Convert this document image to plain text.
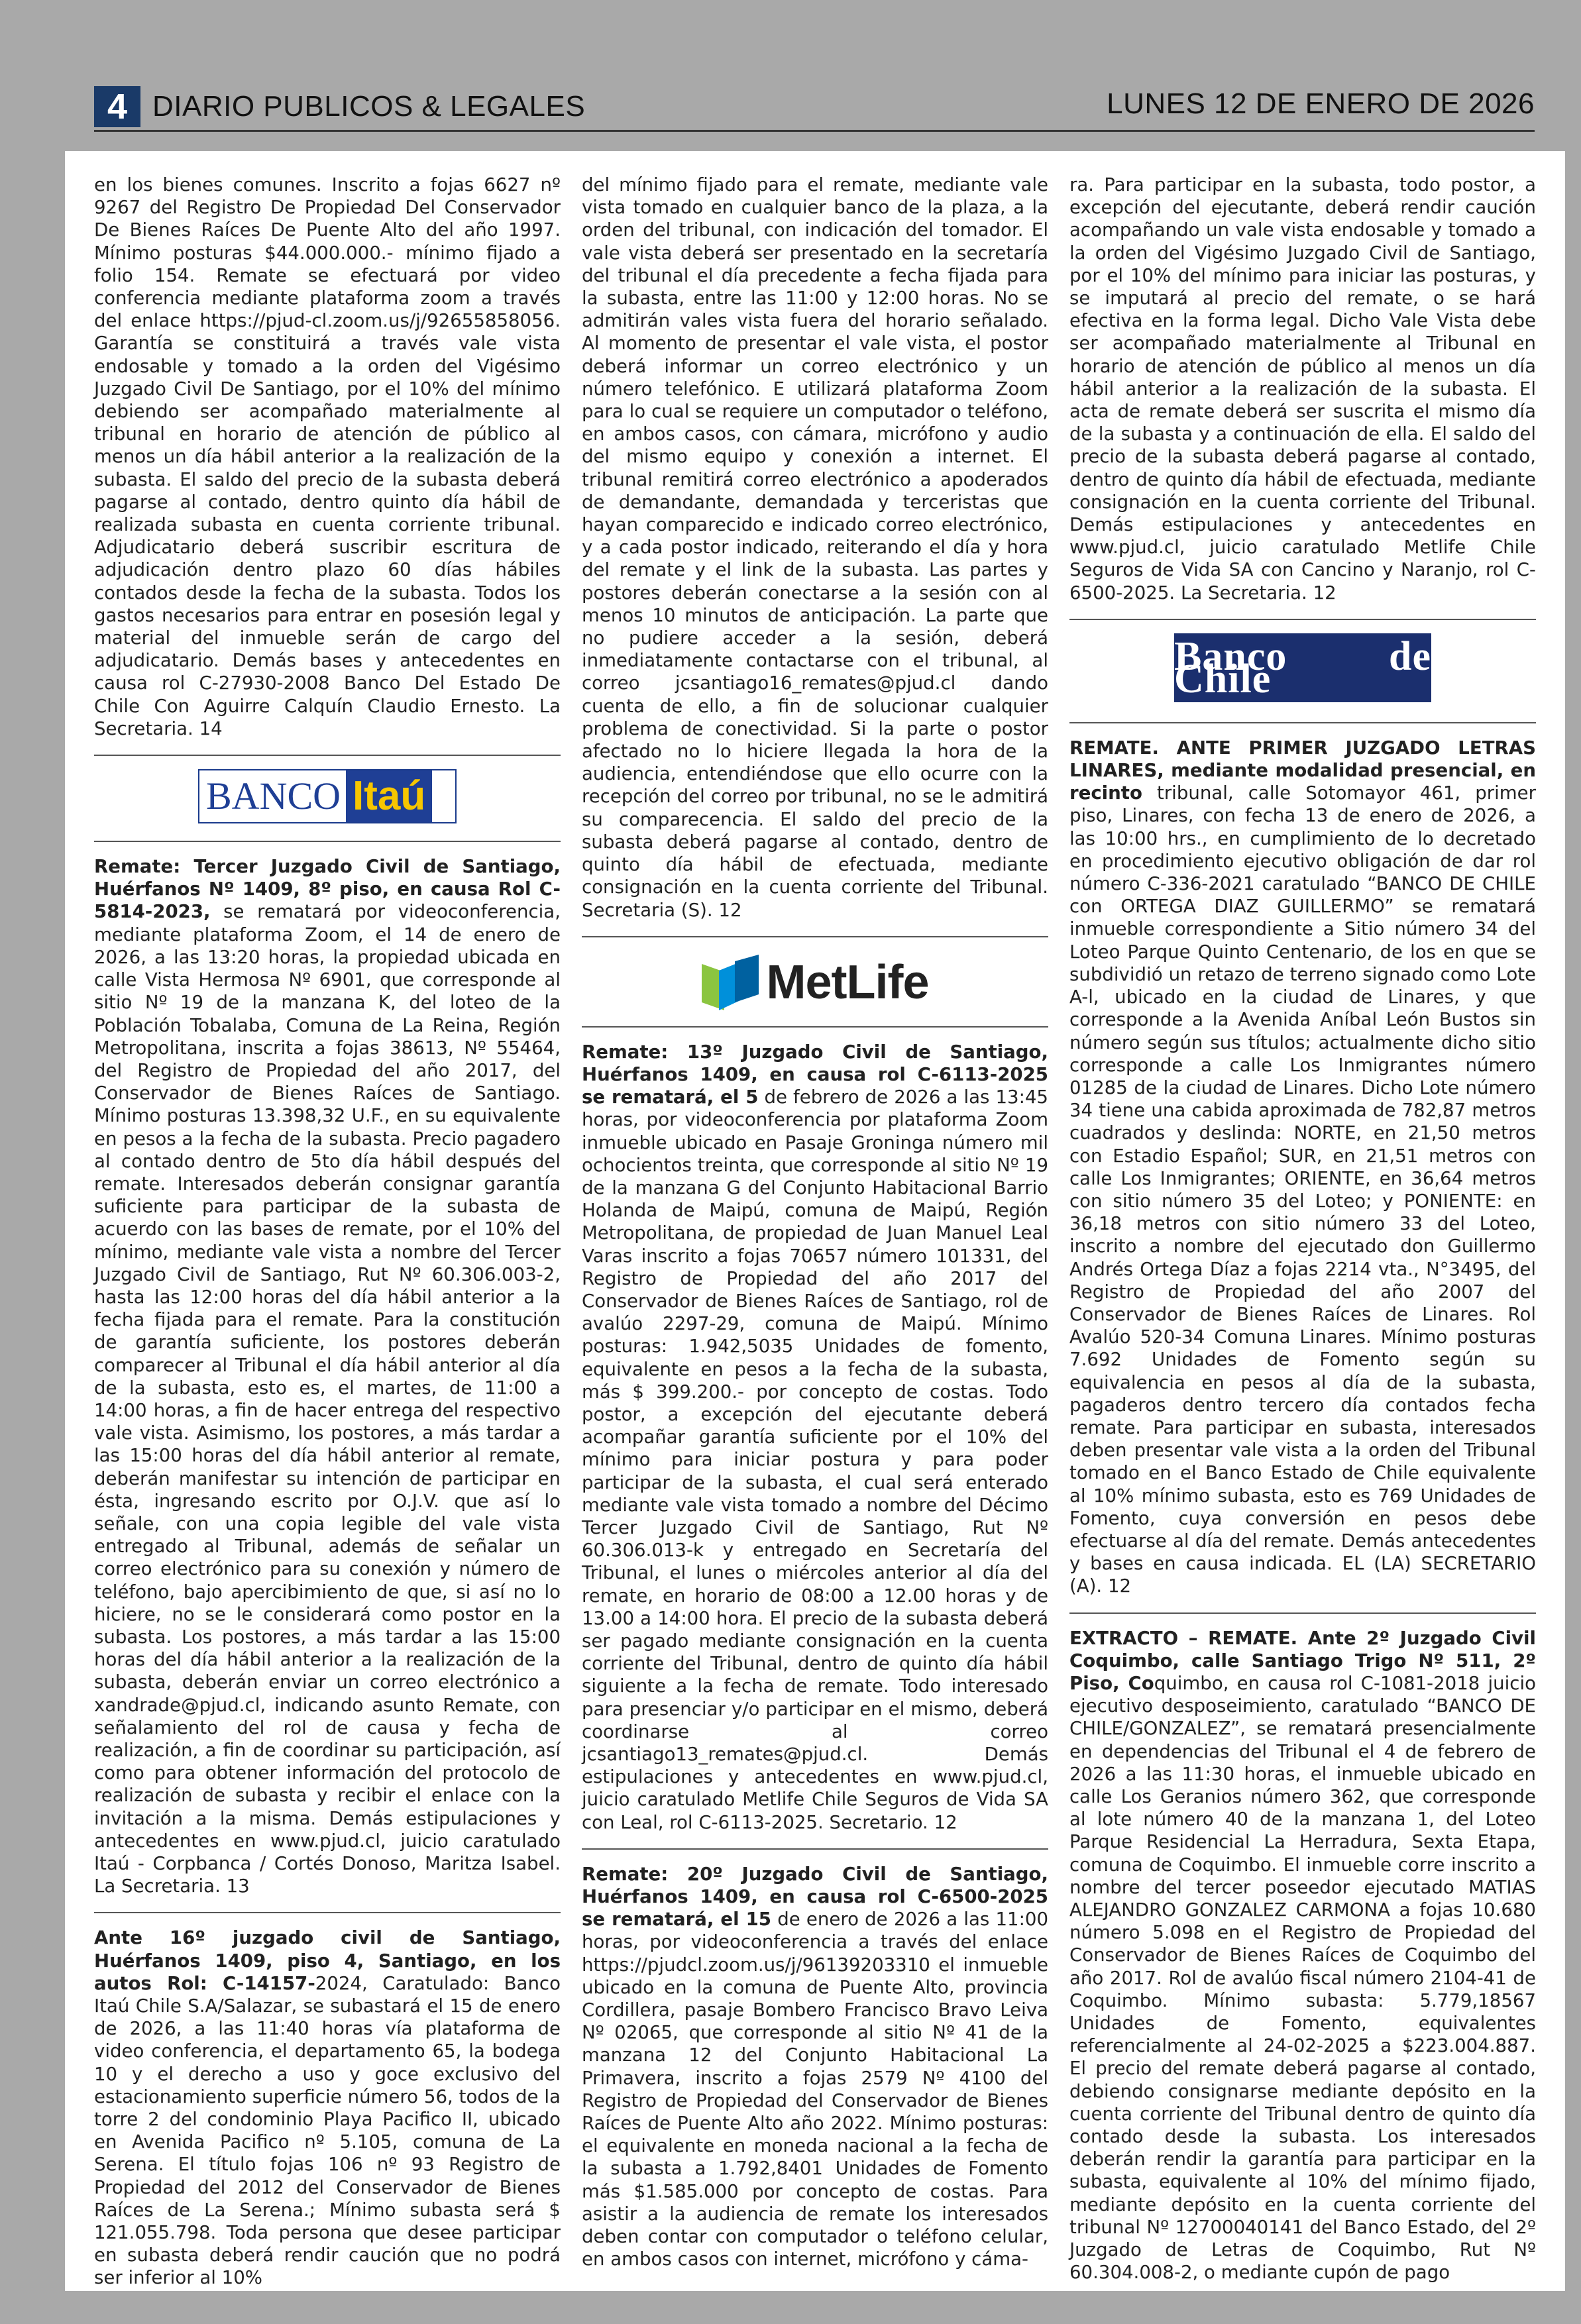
4 DIARIO PUBLICOS & LEGALES	LUNES 12 DE ENERO DE 2026

en los bienes comunes. Inscrito a fojas 6627 nº 9267 del Registro De Propiedad Del Conservador De Bienes Raíces De Puente Alto del año 1997. Mínimo posturas $44.000.000.- mínimo fijado a folio 154. Remate se efectuará por video conferencia mediante plataforma zoom a través del enlace https://pjud-cl.zoom.us/j/92655858056. Garantía se constituirá a través vale vista endosable y tomado a la orden del Vigésimo Juzgado Civil De Santiago, por el 10% del mínimo debiendo ser acompañado materialmente al tribunal en horario de atención de público al menos un día hábil anterior a la realización de la subasta. El saldo del precio de la subasta deberá pagarse al contado, dentro quinto día hábil de realizada subasta en cuenta corriente tribunal. Adjudicatario deberá suscribir escritura de adjudicación dentro plazo 60 días hábiles contados desde la fecha de la subasta. Todos los gastos necesarios para entrar en posesión legal y material del inmueble serán de cargo del adjudicatario. Demás bases y antecedentes en causa rol C-27930-2008 Banco Del Estado De Chile Con Aguirre Calquín Claudio Ernesto. La Secretaria. 14

BANCO Itaú

Remate: Tercer Juzgado Civil de Santiago, Huérfanos Nº 1409, 8º piso, en causa Rol C-5814-2023, se rematará por videoconferencia, mediante plataforma Zoom, el 14 de enero de 2026, a las 13:20 horas, la propiedad ubicada en calle Vista Hermosa Nº 6901, que corresponde al sitio Nº 19 de la manzana K, del loteo de la Población Tobalaba, Comuna de La Reina, Región Metropolitana, inscrita a fojas 38613, Nº 55464, del Registro de Propiedad del año 2017, del Conservador de Bienes Raíces de Santiago. Mínimo posturas 13.398,32 U.F., en su equivalente en pesos a la fecha de la subasta. Precio pagadero al contado dentro de 5to día hábil después del remate. Interesados deberán consignar garantía suficiente para participar de la subasta de acuerdo con las bases de remate, por el 10% del mínimo, mediante vale vista a nombre del Tercer Juzgado Civil de Santiago, Rut Nº 60.306.003-2, hasta las 12:00 horas del día hábil anterior a la fecha fijada para el remate. Para la constitución de garantía suficiente, los postores deberán comparecer al Tribunal el día hábil anterior al día de la subasta, esto es, el martes, de 11:00 a 14:00 horas, a fin de hacer entrega del respectivo vale vista. Asimismo, los postores, a más tardar a las 15:00 horas del día hábil anterior al remate, deberán manifestar su intención de participar en ésta, ingresando escrito por O.J.V. que así lo señale, con una copia legible del vale vista entregado al Tribunal, además de señalar un correo electrónico para su conexión y número de teléfono, bajo apercibimiento de que, si así no lo hiciere, no se le considerará como postor en la subasta. Los postores, a más tardar a las 15:00 horas del día hábil anterior a la realización de la subasta, deberán enviar un correo electrónico a xandrade@pjud.cl, indicando asunto Remate, con señalamiento del rol de causa y fecha de realización, a fin de coordinar su participación, así como para obtener información del protocolo de realización de subasta y recibir el enlace con la invitación a la misma. Demás estipulaciones y antecedentes en www.pjud.cl, juicio caratulado Itaú - Corpbanca / Cortés Donoso, Maritza Isabel. La Secretaria. 13

Ante 16º juzgado civil de Santiago, Huérfanos 1409, piso 4, Santiago, en los autos Rol: C-14157-2024, Caratulado: Banco Itaú Chile S.A/Salazar, se subastará el 15 de enero de 2026, a las 11:40 horas vía plataforma de video conferencia, el departamento 65, la bodega 10 y el derecho a uso y goce exclusivo del estacionamiento superficie número 56, todos de la torre 2 del condominio Playa Pacifico II, ubicado en Avenida Pacifico nº 5.105, comuna de La Serena. El título fojas 106 nº 93 Registro de Propiedad del 2012 del Conservador de Bienes Raíces de La Serena.; Mínimo subasta será $ 121.055.798. Toda persona que desee participar en subasta deberá rendir caución que no podrá ser inferior al 10%

del mínimo fijado para el remate, mediante vale vista tomado en cualquier banco de la plaza, a la orden del tribunal, con indicación del tomador. El vale vista deberá ser presentado en la secretaría del tribunal el día precedente a fecha fijada para la subasta, entre las 11:00 y 12:00 horas. No se admitirán vales vista fuera del horario señalado. Al momento de presentar el vale vista, el postor deberá informar un correo electrónico y un número telefónico. E utilizará plataforma Zoom para lo cual se requiere un computador o teléfono, en ambos casos, con cámara, micrófono y audio del mismo equipo y conexión a internet. El tribunal remitirá correo electrónico a apoderados de demandante, demandada y terceristas que hayan comparecido e indicado correo electrónico, y a cada postor indicado, reiterando el día y hora del remate y el link de la subasta. Las partes y postores deberán conectarse a la sesión con al menos 10 minutos de anticipación. La parte que no pudiere acceder a la sesión, deberá inmediatamente contactarse con el tribunal, al correo jcsantiago16_remates@pjud.cl dando cuenta de ello, a fin de solucionar cualquier problema de conectividad. Si la parte o postor afectado no lo hiciere llegada la hora de la audiencia, entendiéndose que ello ocurre con la recepción del correo por tribunal, no se le admitirá su comparecencia. El saldo del precio de la subasta deberá pagarse al contado, dentro de quinto día hábil de efectuada, mediante consignación en la cuenta corriente del Tribunal. Secretaria (S). 12

MetLife

Remate: 13º Juzgado Civil de Santiago, Huérfanos 1409, en causa rol C-6113-2025 se rematará, el 5 de febrero de 2026 a las 13:45 horas, por videoconferencia por plataforma Zoom inmueble ubicado en Pasaje Groninga número mil ochocientos treinta, que corresponde al sitio Nº 19 de la manzana G del Conjunto Habitacional Barrio Holanda de Maipú, comuna de Maipú, Región Metropolitana, de propiedad de Juan Manuel Leal Varas inscrito a fojas 70657 número 101331, del Registro de Propiedad del año 2017 del Conservador de Bienes Raíces de Santiago, rol de avalúo 2297-29, comuna de Maipú. Mínimo posturas: 1.942,5035 Unidades de fomento, equivalente en pesos a la fecha de la subasta, más $ 399.200.- por concepto de costas. Todo postor, a excepción del ejecutante deberá acompañar garantía suficiente por el 10% del mínimo para iniciar postura y para poder participar de la subasta, el cual será enterado mediante vale vista tomado a nombre del Décimo Tercer Juzgado Civil de Santiago, Rut Nº 60.306.013-k y entregado en Secretaría del Tribunal, el lunes o miércoles anterior al día del remate, en horario de 08:00 a 12.00 horas y de 13.00 a 14:00 hora. El precio de la subasta deberá ser pagado mediante consignación en la cuenta corriente del Tribunal, dentro de quinto día hábil siguiente a la fecha de remate. Todo interesado para presenciar y/o participar en el mismo, deberá coordinarse al correo jcsantiago13_remates@pjud.cl. Demás estipulaciones y antecedentes en www.pjud.cl, juicio caratulado Metlife Chile Seguros de Vida SA con Leal, rol C-6113-2025. Secretario. 12

Remate: 20º Juzgado Civil de Santiago, Huérfanos 1409, en causa rol C-6500-2025 se rematará, el 15 de enero de 2026 a las 11:00 horas, por videoconferencia a través del enlace https://pjudcl.zoom.us/j/96139203310 el inmueble ubicado en la comuna de Puente Alto, provincia Cordillera, pasaje Bombero Francisco Bravo Leiva Nº 02065, que corresponde al sitio Nº 41 de la manzana 12 del Conjunto Habitacional La Primavera, inscrito a fojas 2579 Nº 4100 del Registro de Propiedad del Conservador de Bienes Raíces de Puente Alto año 2022. Mínimo posturas: el equivalente en moneda nacional a la fecha de la subasta a 1.792,8401 Unidades de Fomento más $1.585.000 por concepto de costas. Para asistir a la audiencia de remate los interesados deben contar con computador o teléfono celular, en ambos casos con internet, micrófono y cáma-

ra. Para participar en la subasta, todo postor, a excepción del ejecutante, deberá rendir caución acompañando un vale vista endosable y tomado a la orden del Vigésimo Juzgado Civil de Santiago, por el 10% del mínimo para iniciar las posturas, y se imputará al precio del remate, o se hará efectiva en la forma legal. Dicho Vale Vista debe ser acompañado materialmente al Tribunal en horario de atención de público al menos un día hábil anterior a la realización de la subasta. El acta de remate deberá ser suscrita el mismo día de la subasta y a continuación de ella. El saldo del precio de la subasta deberá pagarse al contado, dentro de quinto día hábil de efectuada, mediante consignación en la cuenta corriente del Tribunal. Demás estipulaciones y antecedentes en www.pjud.cl, juicio caratulado Metlife Chile Seguros de Vida SA con Cancino y Naranjo, rol C-6500-2025. La Secretaria. 12

Banco de Chile

REMATE. ANTE PRIMER JUZGADO LETRAS LINARES, mediante modalidad presencial, en recinto tribunal, calle Sotomayor 461, primer piso, Linares, con fecha 13 de enero de 2026, a las 10:00 hrs., en cumplimiento de lo decretado en procedimiento ejecutivo obligación de dar rol número C-336-2021 caratulado “BANCO DE CHILE con ORTEGA DIAZ GUILLERMO” se rematará inmueble correspondiente a Sitio número 34 del Loteo Parque Quinto Centenario, de los en que se subdividió un retazo de terreno signado como Lote A-l, ubicado en la ciudad de Linares, y que corresponde a la Avenida Aníbal León Bustos sin número según sus títulos; actualmente dicho sitio corresponde a calle Los Inmigrantes número 01285 de la ciudad de Linares. Dicho Lote número 34 tiene una cabida aproximada de 782,87 metros cuadrados y deslinda: NORTE, en 21,50 metros con Estadio Español; SUR, en 21,51 metros con calle Los Inmigrantes; ORIENTE, en 36,64 metros con sitio número 35 del Loteo; y PONIENTE: en 36,18 metros con sitio número 33 del Loteo, inscrito a nombre del ejecutado don Guillermo Andrés Ortega Díaz a fojas 2214 vta., N°3495, del Registro de Propiedad del año 2007 del Conservador de Bienes Raíces de Linares. Rol Avalúo 520-34 Comuna Linares. Mínimo posturas 7.692 Unidades de Fomento según su equivalencia en pesos al día de la subasta, pagaderos dentro tercero día contados fecha remate. Para participar en subasta, interesados deben presentar vale vista a la orden del Tribunal tomado en el Banco Estado de Chile equivalente al 10% mínimo subasta, esto es 769 Unidades de Fomento, cuya conversión en pesos debe efectuarse al día del remate. Demás antecedentes y bases en causa indicada. EL (LA) SECRETARIO (A). 12

EXTRACTO – REMATE. Ante 2º Juzgado Civil Coquimbo, calle Santiago Trigo Nº 511, 2º Piso, Coquimbo, en causa rol C-1081-2018 juicio ejecutivo desposeimiento, caratulado “BANCO DE CHILE/GONZALEZ”, se rematará presencialmente en dependencias del Tribunal el 4 de febrero de 2026 a las 11:30 horas, el inmueble ubicado en calle Los Geranios número 362, que corresponde al lote número 40 de la manzana 1, del Loteo Parque Residencial La Herradura, Sexta Etapa, comuna de Coquimbo. El inmueble corre inscrito a nombre del tercer poseedor ejecutado MATIAS ALEJANDRO GONZALEZ CARMONA a fojas 10.680 número 5.098 en el Registro de Propiedad del Conservador de Bienes Raíces de Coquimbo del año 2017. Rol de avalúo fiscal número 2104-41 de Coquimbo. Mínimo subasta: 5.779,18567 Unidades de Fomento, equivalentes referencialmente al 24-02-2025 a $223.004.887. El precio del remate deberá pagarse al contado, debiendo consignarse mediante depósito en la cuenta corriente del Tribunal dentro de quinto día contado desde la subasta. Los interesados deberán rendir la garantía para participar en la subasta, equivalente al 10% del mínimo fijado, mediante depósito en la cuenta corriente del tribunal Nº 12700040141 del Banco Estado, del 2º Juzgado de Letras de Coquimbo, Rut Nº 60.304.008-2, o mediante cupón de pago
